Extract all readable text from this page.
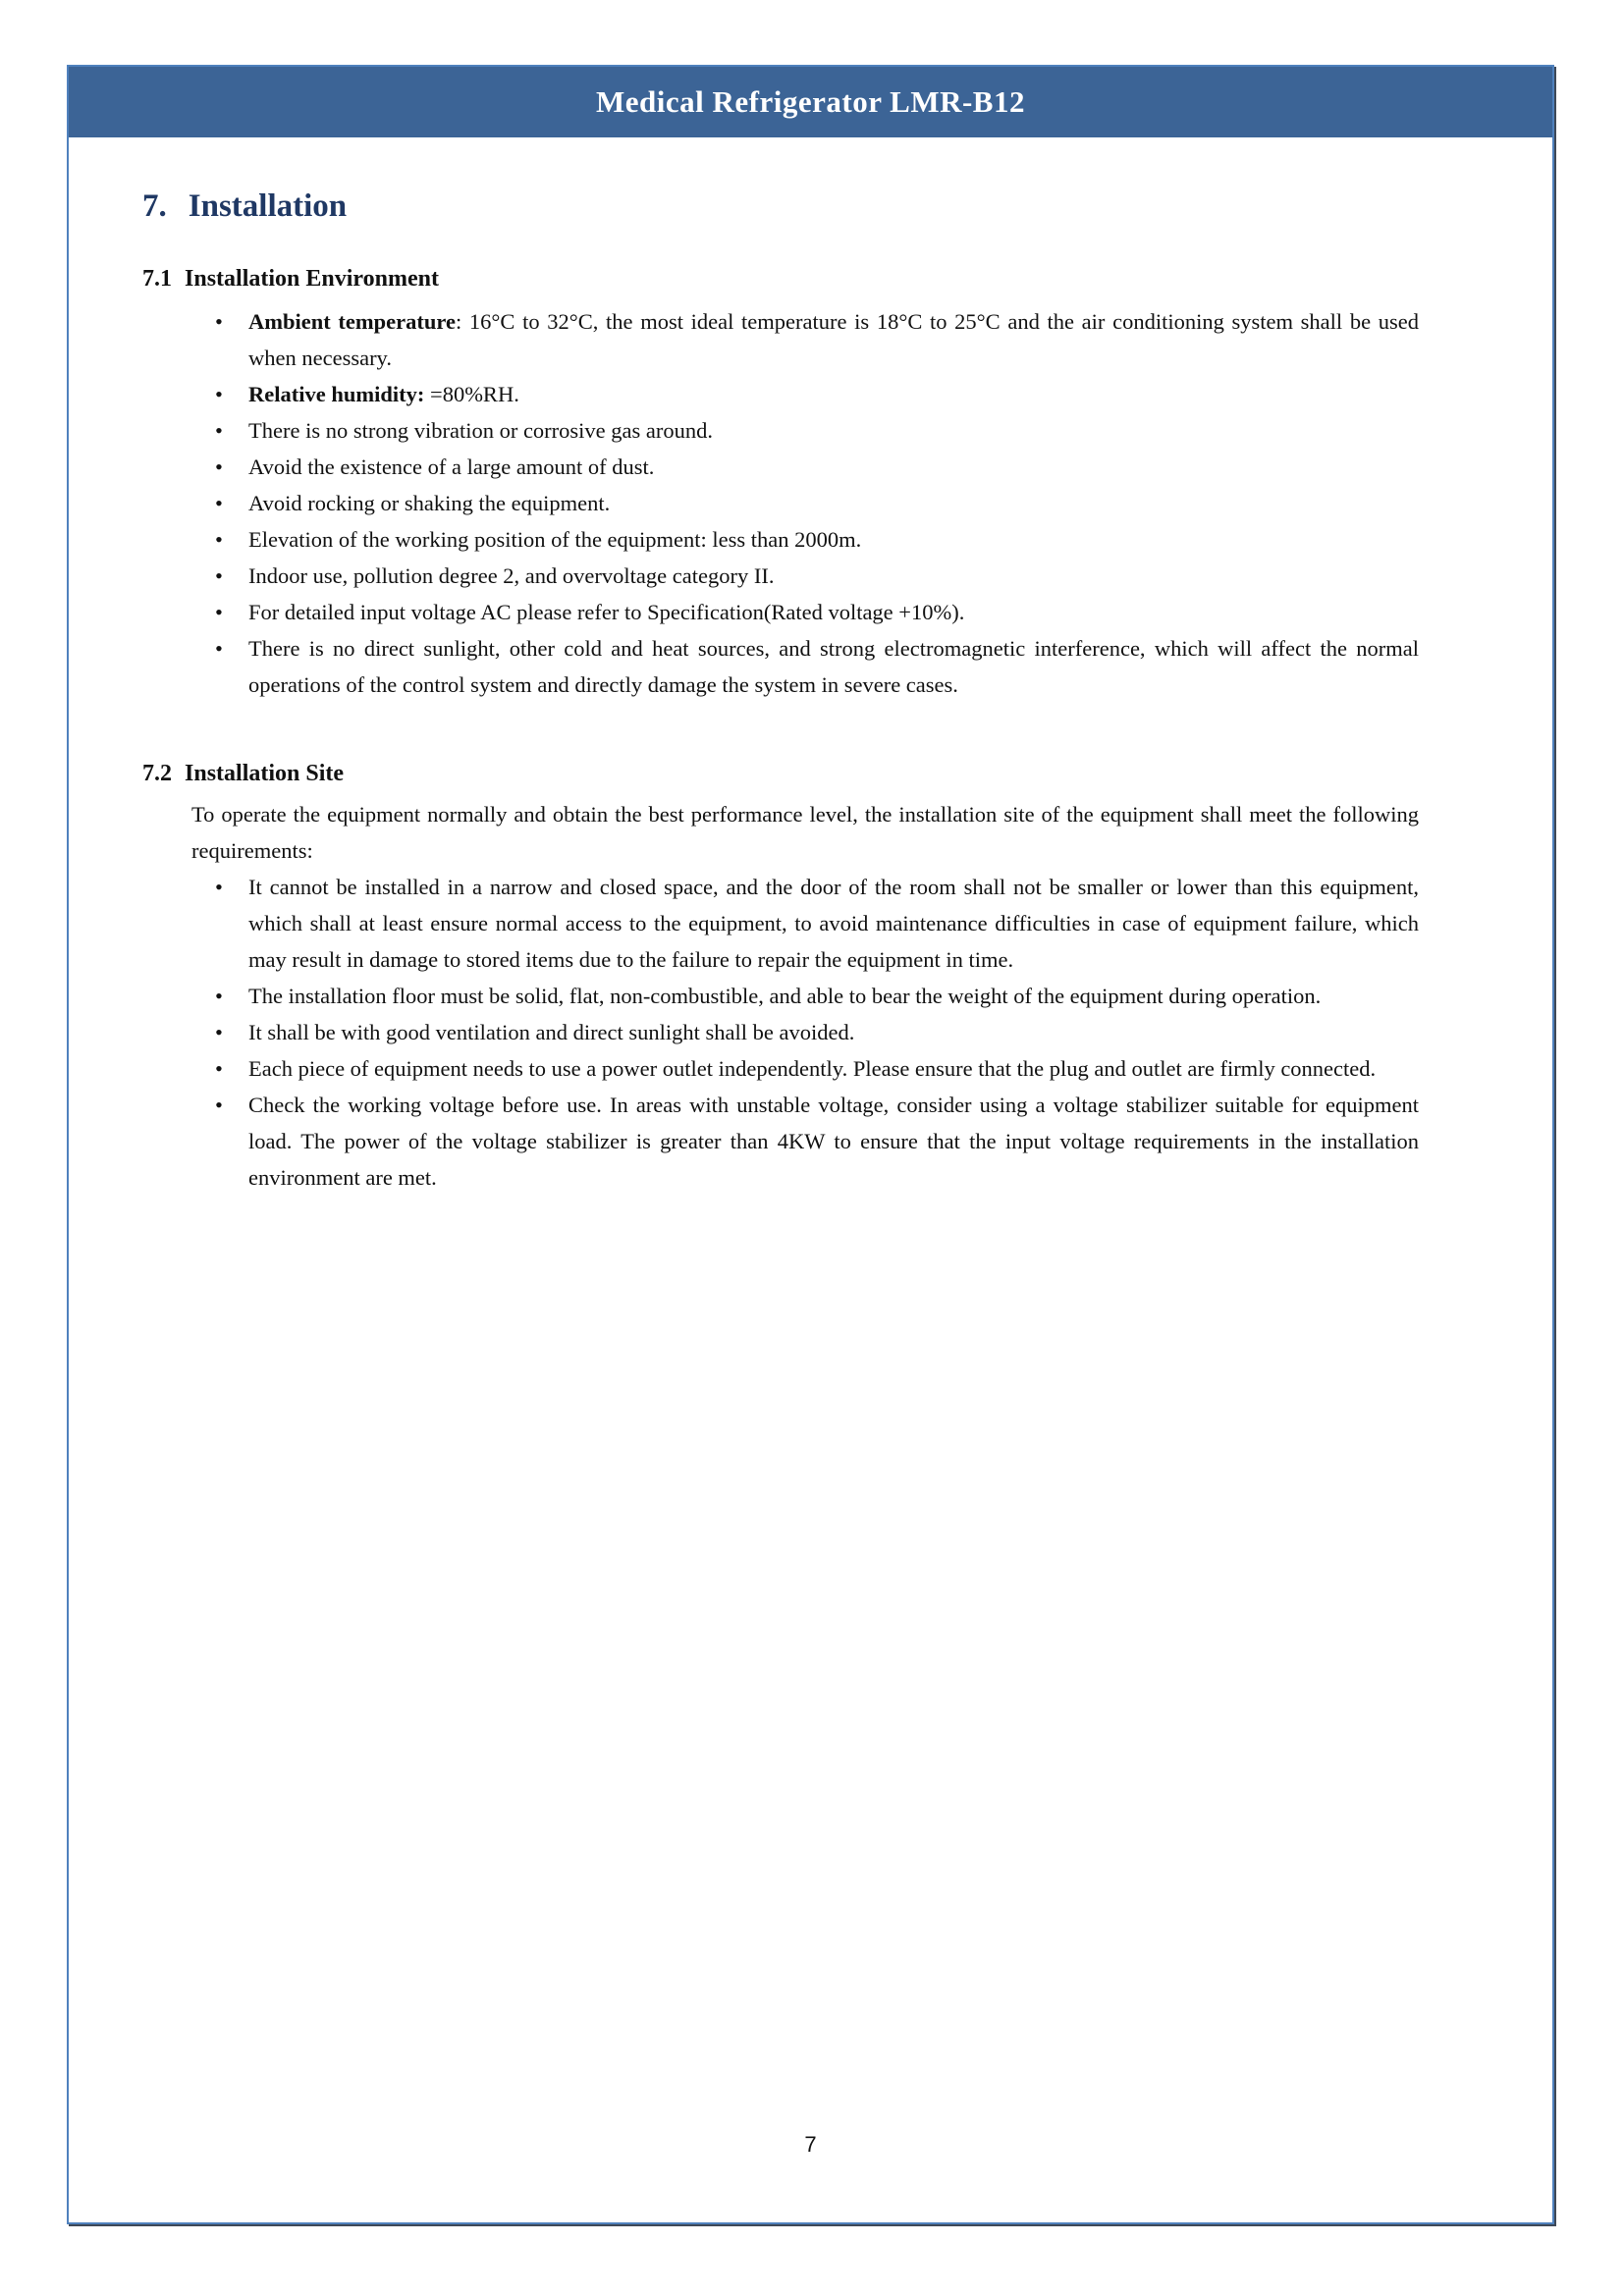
Medical Refrigerator LMR-B12
7. Installation
7.1 Installation Environment
•	Ambient temperature: 16°C to 32°C, the most ideal temperature is 18°C to 25°C and the air conditioning system shall be used when necessary.

•	Relative humidity: =80%RH.

•	There is no strong vibration or corrosive gas around.

•	Avoid the existence of a large amount of dust.

•	Avoid rocking or shaking the equipment.

•	Elevation of the working position of the equipment: less than 2000m.

•	Indoor use, pollution degree 2, and overvoltage category II.

•	For detailed input voltage AC please refer to Specification(Rated voltage +10%).

•	There is no direct sunlight, other cold and heat sources, and strong electromagnetic interference, which will affect the normal operations of the control system and directly damage the system in severe cases.

7.2 Installation Site

To operate the equipment normally and obtain the best performance level, the installation site of the equipment shall meet the following requirements:

•	It cannot be installed in a narrow and closed space, and the door of the room shall not be smaller or lower than this equipment, which shall at least ensure normal access to the equipment, to avoid maintenance difficulties in case of equipment failure, which may result in damage to stored items due to the failure to repair the equipment in time.

•	The installation floor must be solid, flat, non-combustible, and able to bear the weight of the equipment during operation.

•	It shall be with good ventilation and direct sunlight shall be avoided.

•	Each piece of equipment needs to use a power outlet independently. Please ensure that the plug and outlet are firmly connected.

•	Check the working voltage before use. In areas with unstable voltage, consider using a voltage stabilizer suitable for equipment load. The power of the voltage stabilizer is greater than 4KW to ensure that the input voltage requirements in the installation environment are met.

7
